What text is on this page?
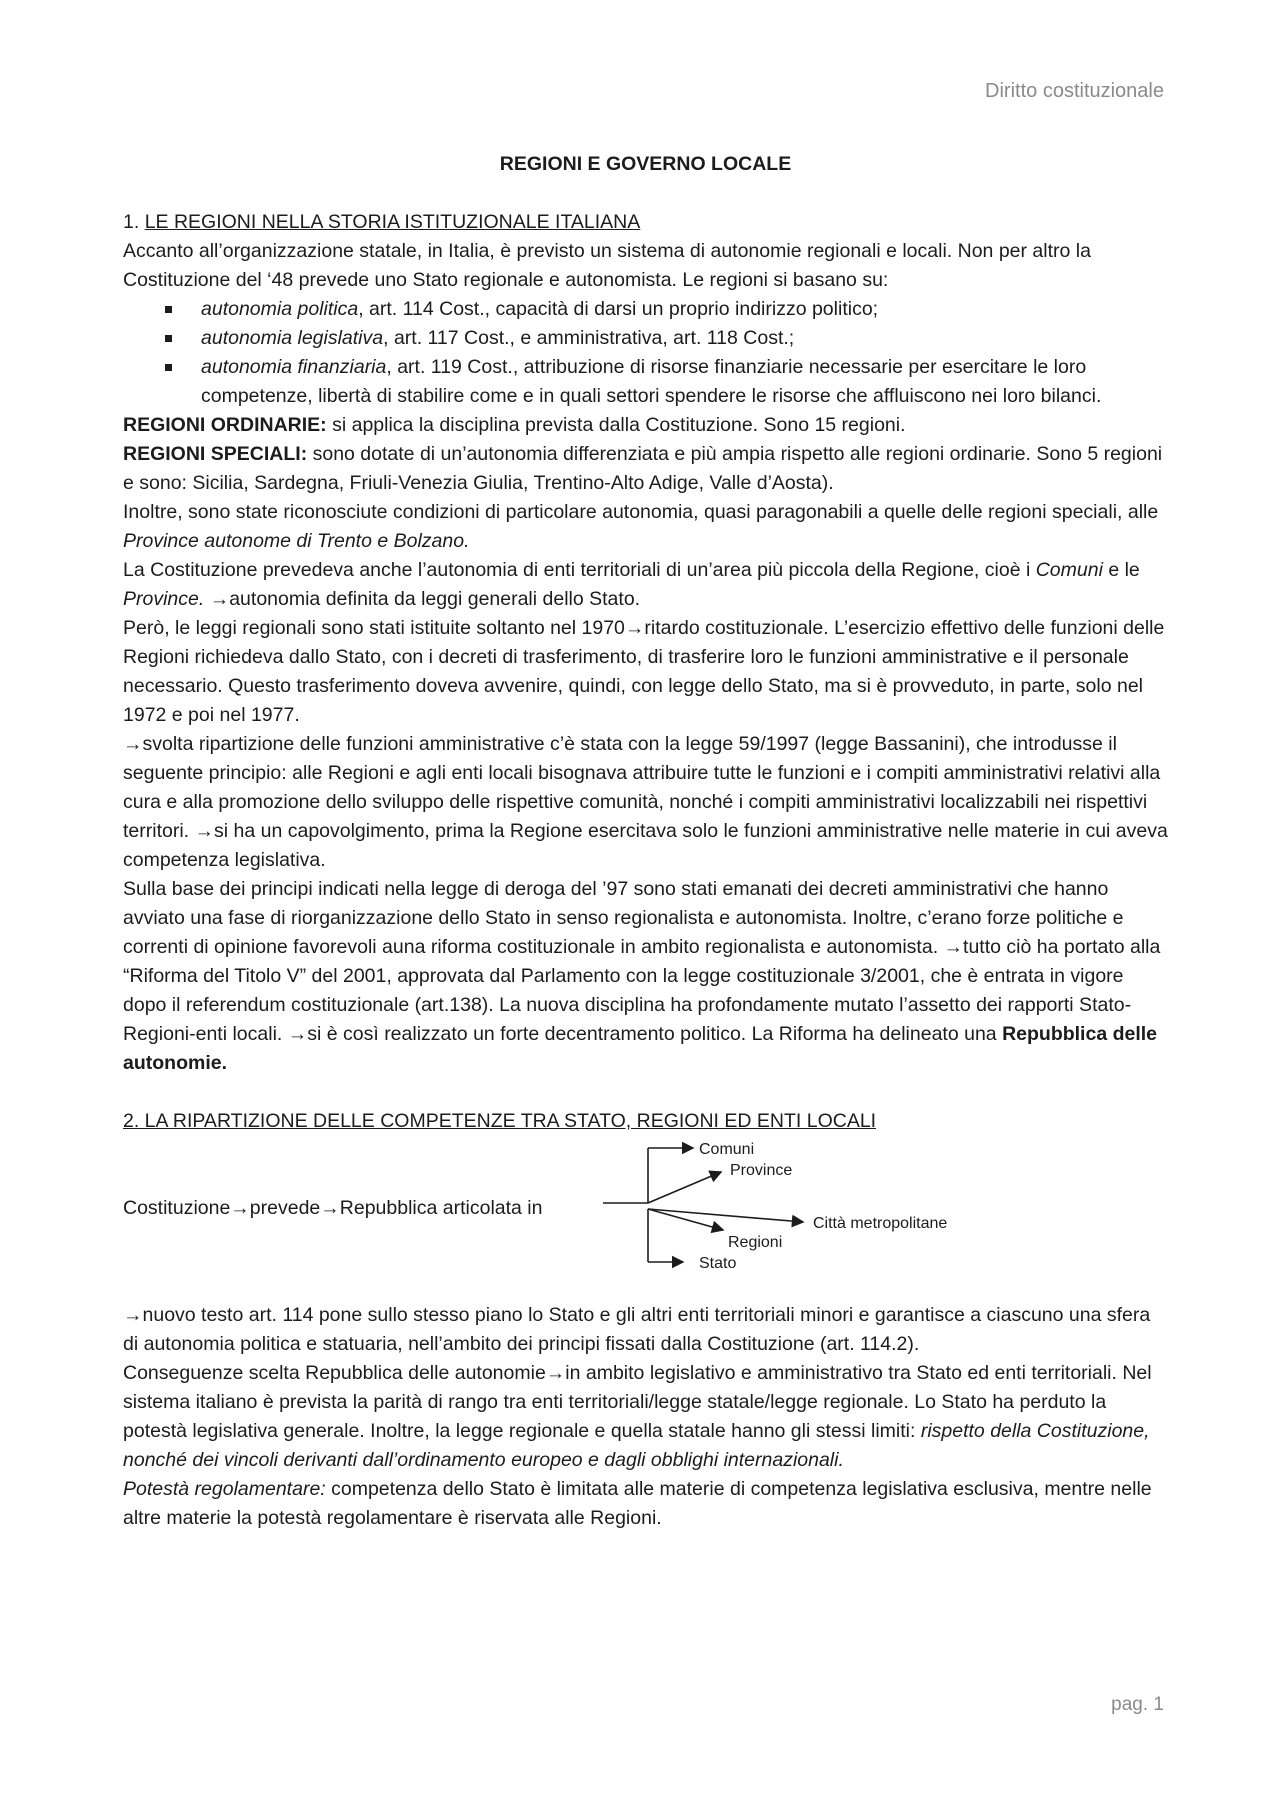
Diritto costituzionale
REGIONI E GOVERNO LOCALE

1. LE REGIONI NELLA STORIA ISTITUZIONALE ITALIANA

Accanto all’organizzazione statale, in Italia, è previsto un sistema di autonomie regionali e locali. Non per altro la Costituzione del ‘48 prevede uno Stato regionale e autonomista. Le regioni si basano su:

autonomia politica, art. 114 Cost., capacità di darsi un proprio indirizzo politico;
autonomia legislativa, art. 117 Cost., e amministrativa, art. 118 Cost.;
autonomia finanziaria, art. 119 Cost., attribuzione di risorse finanziarie necessarie per esercitare le loro competenze, libertà di stabilire come e in quali settori spendere le risorse che affluiscono nei loro bilanci.

REGIONI ORDINARIE: si applica la disciplina prevista dalla Costituzione. Sono 15 regioni.

REGIONI SPECIALI: sono dotate di un’autonomia differenziata e più ampia rispetto alle regioni ordinarie. Sono 5 regioni e sono: Sicilia, Sardegna, Friuli-Venezia Giulia, Trentino-Alto Adige, Valle d’Aosta).

Inoltre, sono state riconosciute condizioni di particolare autonomia, quasi paragonabili a quelle delle regioni speciali, alle Province autonome di Trento e Bolzano.

La Costituzione prevedeva anche l’autonomia di enti territoriali di un’area più piccola della Regione, cioè i Comuni e le Province. →autonomia definita da leggi generali dello Stato.

Però, le leggi regionali sono stati istituite soltanto nel 1970→ritardo costituzionale. L’esercizio effettivo delle funzioni delle Regioni richiedeva dallo Stato, con i decreti di trasferimento, di trasferire loro le funzioni amministrative e il personale necessario. Questo trasferimento doveva avvenire, quindi, con legge dello Stato, ma si è provveduto, in parte, solo nel 1972 e poi nel 1977.

→svolta ripartizione delle funzioni amministrative c’è stata con la legge 59/1997 (legge Bassanini), che introdusse il seguente principio: alle Regioni e agli enti locali bisognava attribuire tutte le funzioni e i compiti amministrativi relativi alla cura e alla promozione dello sviluppo delle rispettive comunità, nonché i compiti amministrativi localizzabili nei rispettivi territori. →si ha un capovolgimento, prima la Regione esercitava solo le funzioni amministrative nelle materie in cui aveva competenza legislativa.

Sulla base dei principi indicati nella legge di deroga del ’97 sono stati emanati dei decreti amministrativi che hanno avviato una fase di riorganizzazione dello Stato in senso regionalista e autonomista. Inoltre, c’erano forze politiche e correnti di opinione favorevoli auna riforma costituzionale in ambito regionalista e autonomista. →tutto ciò ha portato alla “Riforma del Titolo V” del 2001, approvata dal Parlamento con la legge costituzionale 3/2001, che è entrata in vigore dopo il referendum costituzionale (art.138). La nuova disciplina ha profondamente mutato l’assetto dei rapporti Stato-Regioni-enti locali. →si è così realizzato un forte decentramento politico. La Riforma ha delineato una Repubblica delle autonomie.

2. LA RIPARTIZIONE DELLE COMPETENZE TRA STATO, REGIONI ED ENTI LOCALI

Costituzione→prevede→Repubblica articolata in
Comuni
Province
Città metropolitane
Regioni
Stato

→nuovo testo art. 114 pone sullo stesso piano lo Stato e gli altri enti territoriali minori e garantisce a ciascuno una sfera di autonomia politica e statuaria, nell’ambito dei principi fissati dalla Costituzione (art. 114.2).

Conseguenze scelta Repubblica delle autonomie→in ambito legislativo e amministrativo tra Stato ed enti territoriali. Nel sistema italiano è prevista la parità di rango tra enti territoriali/legge statale/legge regionale. Lo Stato ha perduto la potestà legislativa generale. Inoltre, la legge regionale e quella statale hanno gli stessi limiti: rispetto della Costituzione, nonché dei vincoli derivanti dall’ordinamento europeo e dagli obblighi internazionali.

Potestà regolamentare: competenza dello Stato è limitata alle materie di competenza legislativa esclusiva, mentre nelle altre materie la potestà regolamentare è riservata alle Regioni.

pag. 1
